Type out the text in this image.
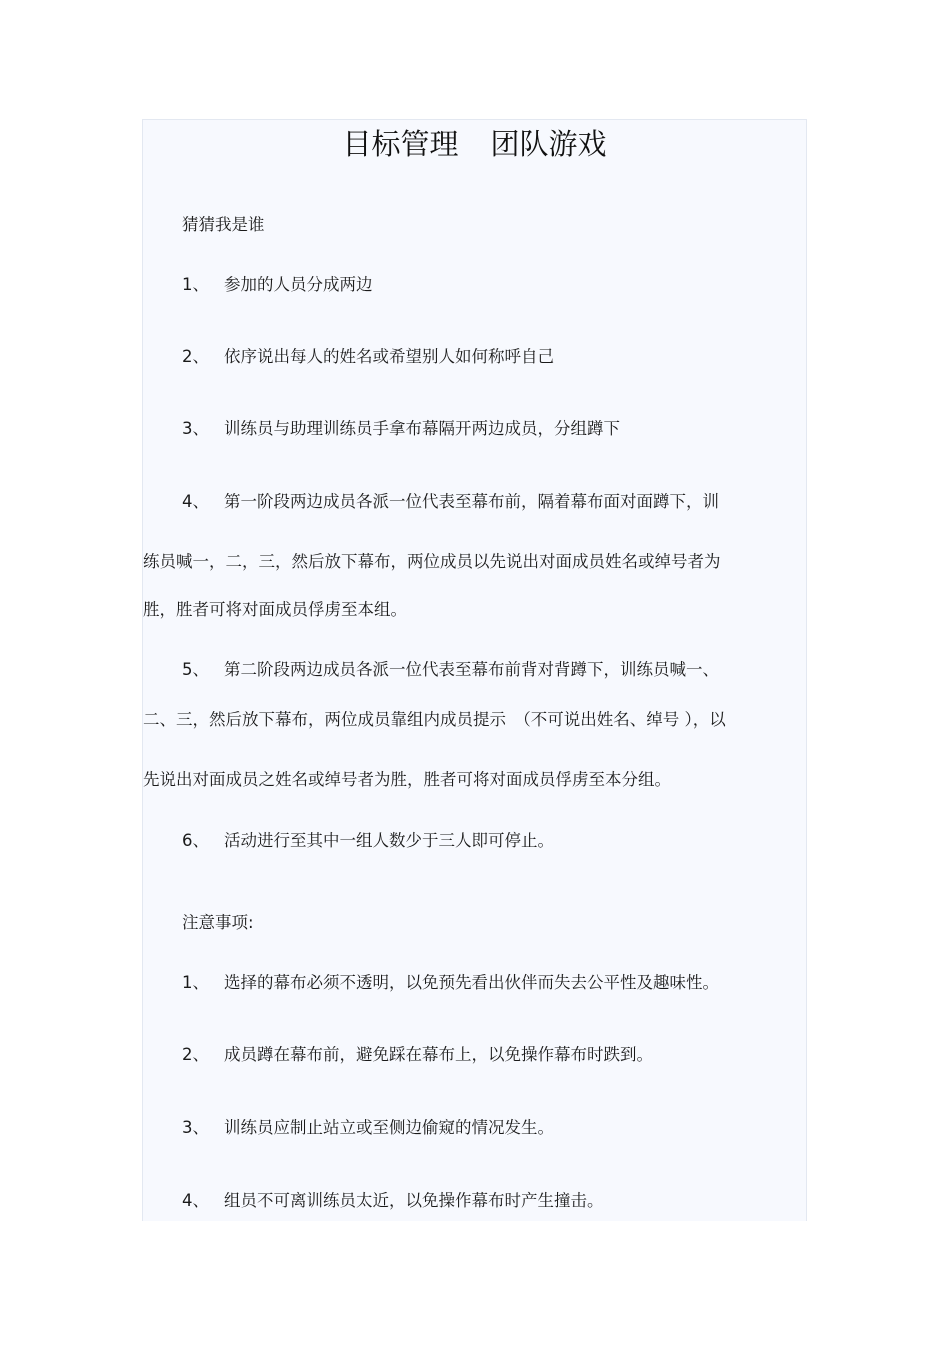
目标管理 团队游戏
猜猜我是谁
1、 参加的人员分成两边
2、 依序说出每人的姓名或希望别人如何称呼自己
3、 训练员与助理训练员手拿布幕隔开两边成员，分组蹲下
4、 第一阶段两边成员各派一位代表至幕布前，隔着幕布面对面蹲下，训
练员喊一，二，三，然后放下幕布，两位成员以先说出对面成员姓名或绰号者为
胜，胜者可将对面成员俘虏至本组。
5、 第二阶段两边成员各派一位代表至幕布前背对背蹲下，训练员喊一、
二、三，然后放下幕布，两位成员靠组内成员提示　（不可说出姓名、绰号 ），以
先说出对面成员之姓名或绰号者为胜，胜者可将对面成员俘虏至本分组。
6、 活动进行至其中一组人数少于三人即可停止。
注意事项:
1、 选择的幕布必须不透明，以免预先看出伙伴而失去公平性及趣味性。
2、 成员蹲在幕布前，避免踩在幕布上，以免操作幕布时跌到。
3、 训练员应制止站立或至侧边偷窥的情况发生。
4、 组员不可离训练员太近，以免操作幕布时产生撞击。
